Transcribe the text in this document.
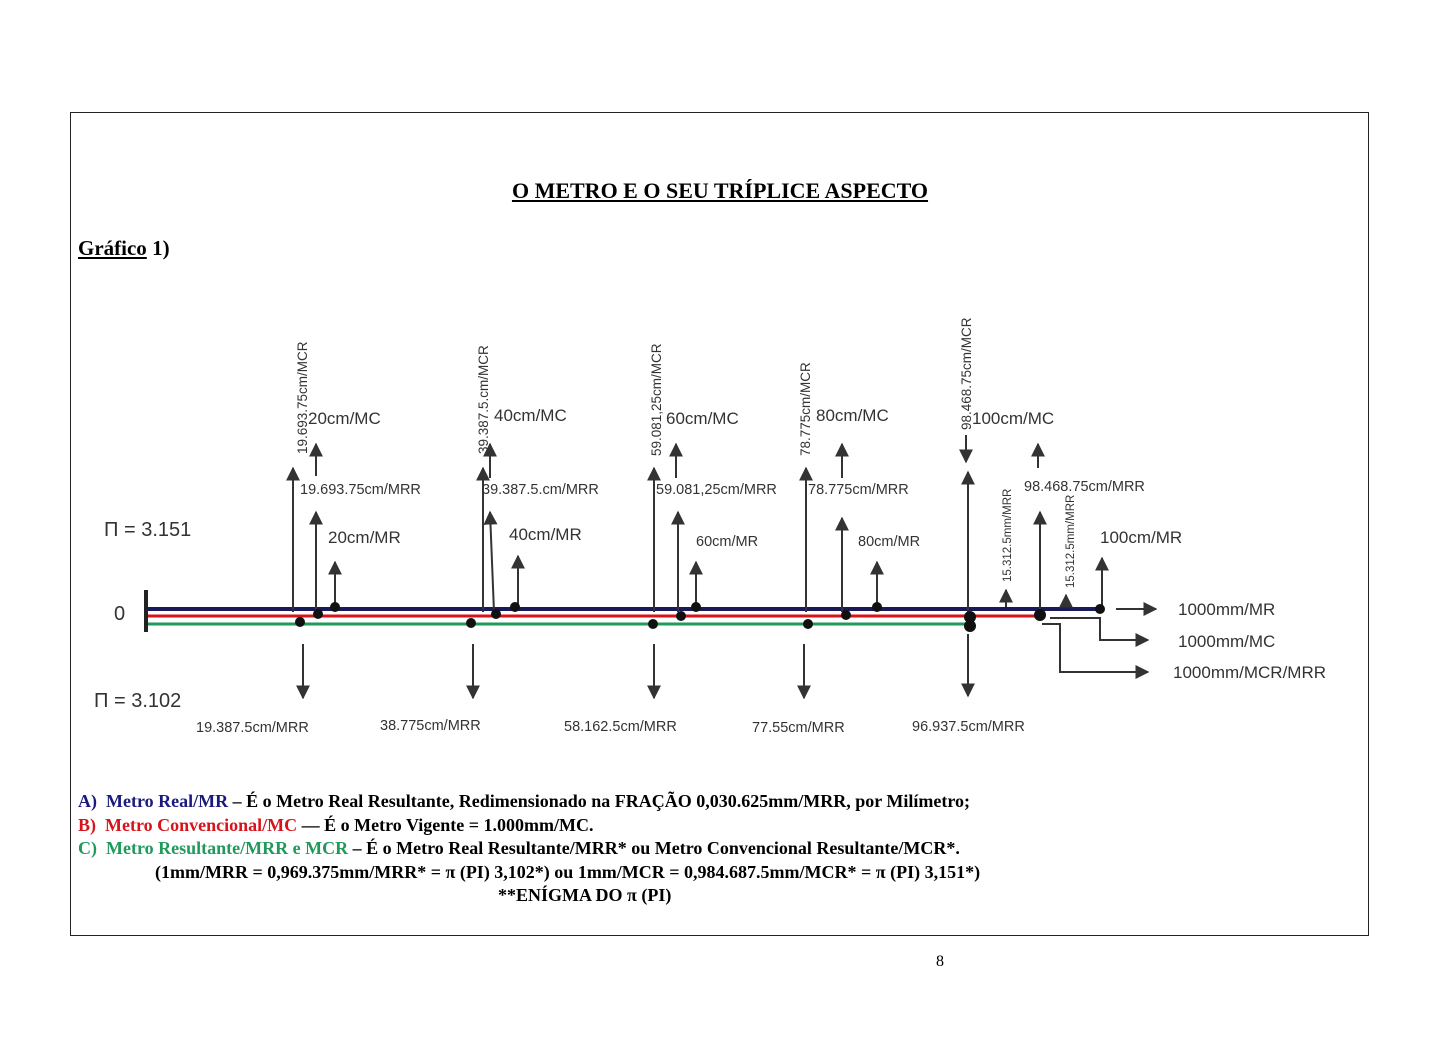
O METRO E O SEU TRÍPLICE ASPECTO
Gráfico 1)
0
Π = 3.151
Π = 3.102
19.693.75cm/MCR
20cm/MC
19.693.75cm/MRR
20cm/MR
19.387.5cm/MRR
39.387.5.cm/MCR 40cm/MC
39.387.5.cm/MRR
40cm/MR
38.775cm/MRR
59.081,25cm/MCR 60cm/MC
59.081,25cm/MRR
60cm/MR
58.162.5cm/MRR
78.775cm/MCR 80cm/MC
78.775cm/MRR
80cm/MR
77.55cm/MRR
98.468.75cm/MCR
100cm/MC
98.468.75cm/MRR
15.312.5mm/MRR	15.312.5mm/MRR 100cm/MR
96.937.5cm/MRR
1000mm/MR
1000mm/MC
1000mm/MCR/MRR
A) Metro Real/MR – É o Metro Real Resultante, Redimensionado na FRAÇÃO 0,030.625mm/MRR, por Milímetro;
B) Metro Convencional/MC — É o Metro Vigente = 1.000mm/MC.
C) Metro Resultante/MRR e MCR – É o Metro Real Resultante/MRR* ou Metro Convencional Resultante/MCR*.
(1mm/MRR = 0,969.375mm/MRR* = π (PI) 3,102*) ou 1mm/MCR = 0,984.687.5mm/MCR* = π (PI) 3,151*)
**ENÍGMA DO π (PI)
8
